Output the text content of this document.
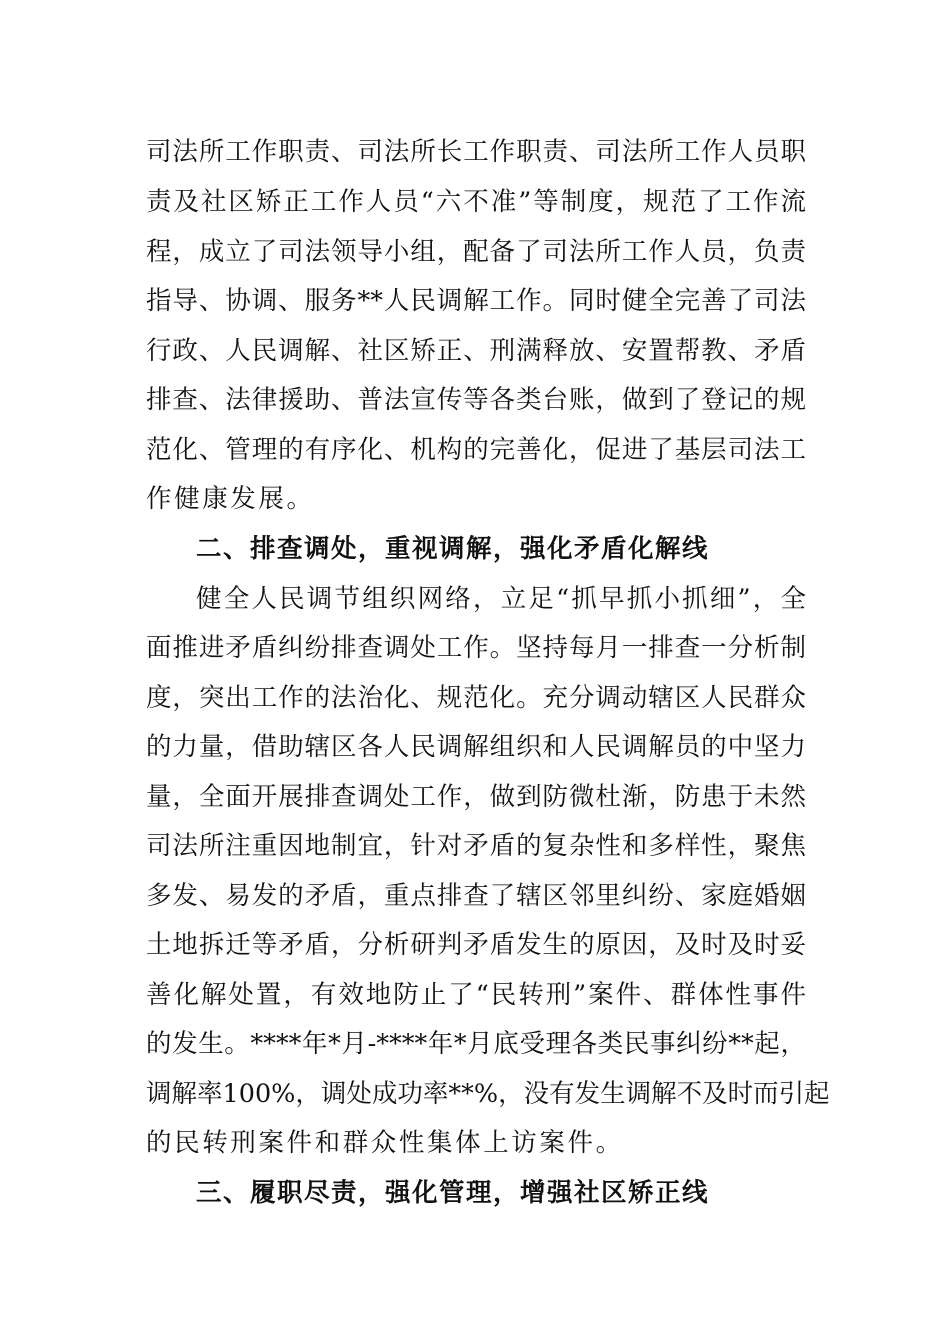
司法所工作职责、司法所长工作职责、司法所工作人员职
责及社区矫正工作人员“六不准”等制度，规范了工作流
程，成立了司法领导小组，配备了司法所工作人员，负责
指导、协调、服务**人民调解工作。同时健全完善了司法
行政、人民调解、社区矫正、刑满释放、安置帮教、矛盾
排查、法律援助、普法宣传等各类台账，做到了登记的规
范化、管理的有序化、机构的完善化，促进了基层司法工
作健康发展。
二、排查调处，重视调解，强化矛盾化解线
健全人民调节组织网络，立足“抓早抓小抓细”，全
面推进矛盾纠纷排查调处工作。坚持每月一排查一分析制
度，突出工作的法治化、规范化。充分调动辖区人民群众
的力量，借助辖区各人民调解组织和人民调解员的中坚力
量，全面开展排查调处工作，做到防微杜渐，防患于未然
司法所注重因地制宜，针对矛盾的复杂性和多样性，聚焦
多发、易发的矛盾，重点排查了辖区邻里纠纷、家庭婚姻
土地拆迁等矛盾，分析研判矛盾发生的原因，及时及时妥
善化解处置，有效地防止了“民转刑”案件、群体性事件
的发生。****年*月-****年*月底受理各类民事纠纷**起，
调解率100%，调处成功率**%，没有发生调解不及时而引起
的民转刑案件和群众性集体上访案件。
三、履职尽责，强化管理，增强社区矫正线
